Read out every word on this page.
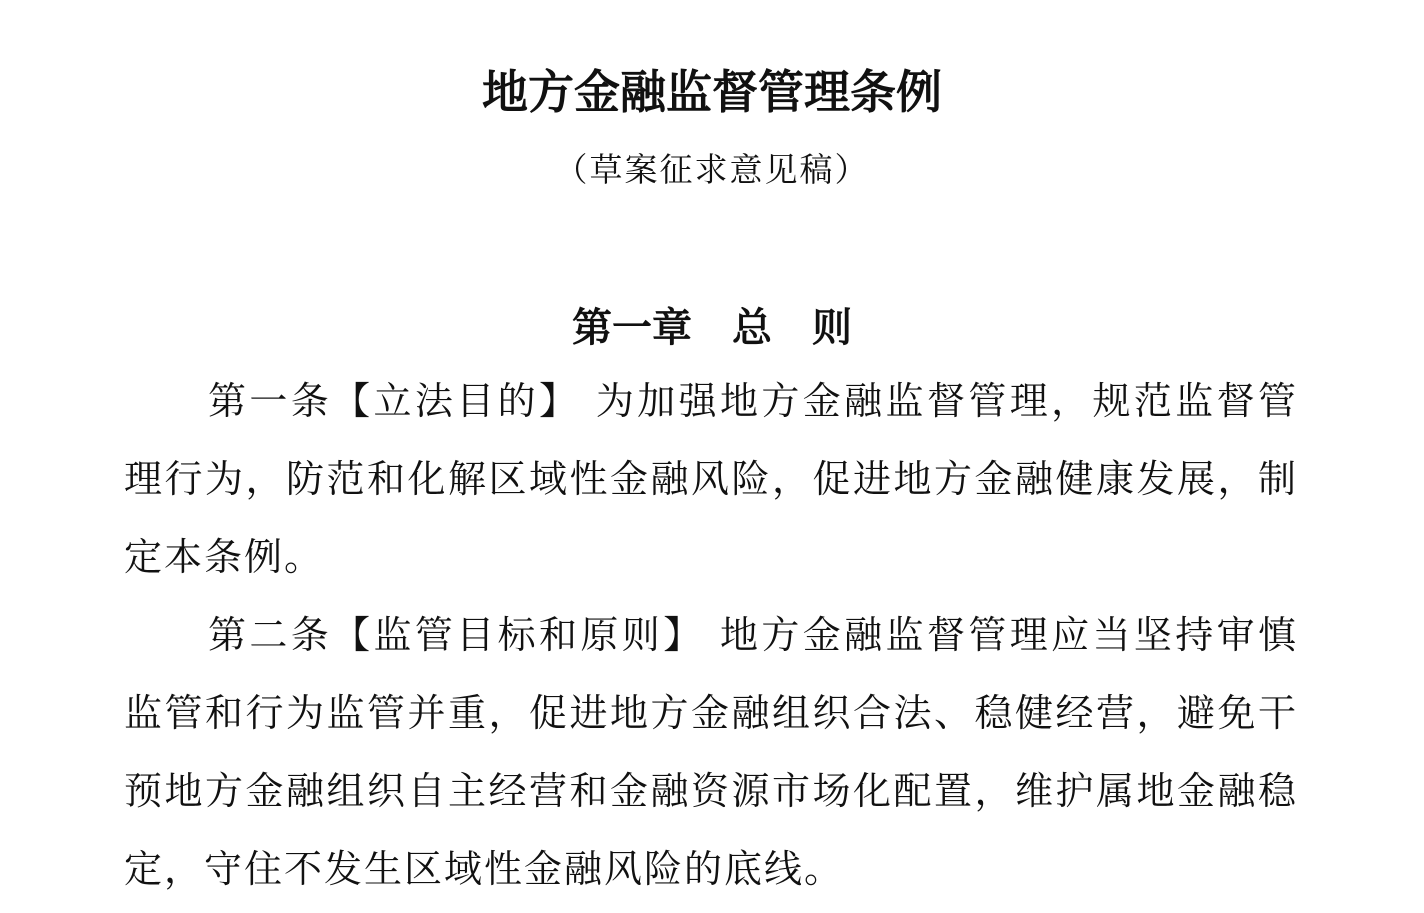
地方金融监督管理条例
（草案征求意见稿）
第一章　总　则

第一条【立法目的】 为加强地方金融监督管理，规范监督管理行为，防范和化解区域性金融风险，促进地方金融健康发展，制定本条例。

第二条【监管目标和原则】 地方金融监督管理应当坚持审慎监管和行为监管并重，促进地方金融组织合法、稳健经营，避免干预地方金融组织自主经营和金融资源市场化配置，维护属地金融稳定，守住不发生区域性金融风险的底线。
